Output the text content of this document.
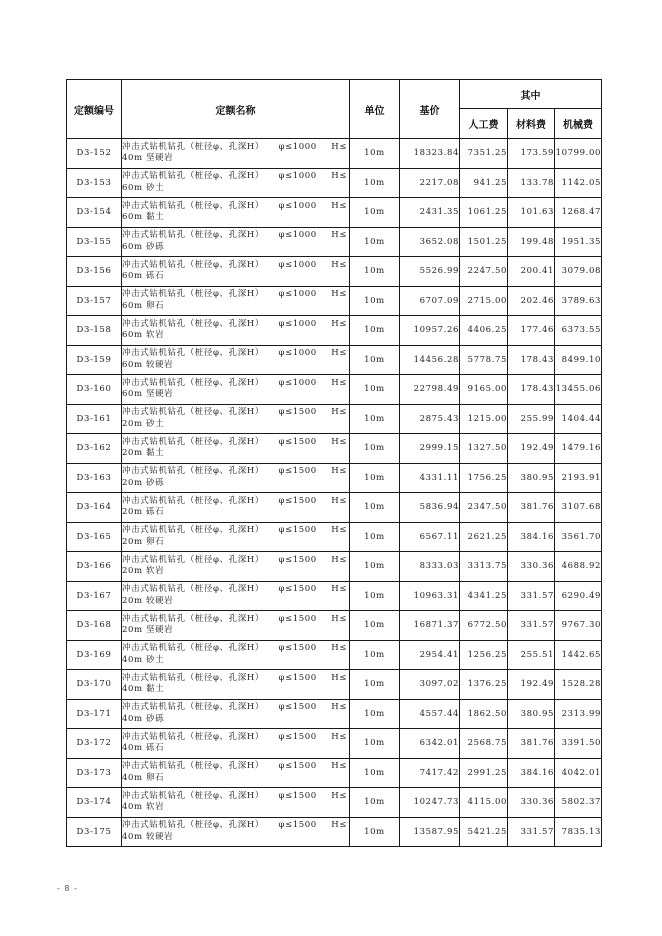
定额编号	定额名称	单位	基价	其中		
				人工费	材料费	机械费
D3-152	冲击式钻机钻孔（桩径φ、孔深H） φ≤1000 H≤
40m 坚硬岩	10m	18323.84	7351.25	173.59	10799.00
D3-153	冲击式钻机钻孔（桩径φ、孔深H） φ≤1000 H≤
60m 砂土	10m	2217.08	941.25	133.78	1142.05
D3-154	冲击式钻机钻孔（桩径φ、孔深H） φ≤1000 H≤
60m 黏土	10m	2431.35	1061.25	101.63	1268.47
D3-155	冲击式钻机钻孔（桩径φ、孔深H） φ≤1000 H≤
60m 砂砾	10m	3652.08	1501.25	199.48	1951.35
D3-156	冲击式钻机钻孔（桩径φ、孔深H） φ≤1000 H≤
60m 砾石	10m	5526.99	2247.50	200.41	3079.08
D3-157	冲击式钻机钻孔（桩径φ、孔深H） φ≤1000 H≤
60m 卵石	10m	6707.09	2715.00	202.46	3789.63
D3-158	冲击式钻机钻孔（桩径φ、孔深H） φ≤1000 H≤
60m 软岩	10m	10957.26	4406.25	177.46	6373.55
D3-159	冲击式钻机钻孔（桩径φ、孔深H） φ≤1000 H≤
60m 较硬岩	10m	14456.28	5778.75	178.43	8499.10
D3-160	冲击式钻机钻孔（桩径φ、孔深H） φ≤1000 H≤
60m 坚硬岩	10m	22798.49	9165.00	178.43	13455.06
D3-161	冲击式钻机钻孔（桩径φ、孔深H） φ≤1500 H≤
20m 砂土	10m	2875.43	1215.00	255.99	1404.44
D3-162	冲击式钻机钻孔（桩径φ、孔深H） φ≤1500 H≤
20m 黏土	10m	2999.15	1327.50	192.49	1479.16
D3-163	冲击式钻机钻孔（桩径φ、孔深H） φ≤1500 H≤
20m 砂砾	10m	4331.11	1756.25	380.95	2193.91
D3-164	冲击式钻机钻孔（桩径φ、孔深H） φ≤1500 H≤
20m 砾石	10m	5836.94	2347.50	381.76	3107.68
D3-165	冲击式钻机钻孔（桩径φ、孔深H） φ≤1500 H≤
20m 卵石	10m	6567.11	2621.25	384.16	3561.70
D3-166	冲击式钻机钻孔（桩径φ、孔深H） φ≤1500 H≤
20m 软岩	10m	8333.03	3313.75	330.36	4688.92
D3-167	冲击式钻机钻孔（桩径φ、孔深H） φ≤1500 H≤
20m 较硬岩	10m	10963.31	4341.25	331.57	6290.49
D3-168	冲击式钻机钻孔（桩径φ、孔深H） φ≤1500 H≤
20m 坚硬岩	10m	16871.37	6772.50	331.57	9767.30
D3-169	冲击式钻机钻孔（桩径φ、孔深H） φ≤1500 H≤
40m 砂土	10m	2954.41	1256.25	255.51	1442.65
D3-170	冲击式钻机钻孔（桩径φ、孔深H） φ≤1500 H≤
40m 黏土	10m	3097.02	1376.25	192.49	1528.28
D3-171	冲击式钻机钻孔（桩径φ、孔深H） φ≤1500 H≤
40m 砂砾	10m	4557.44	1862.50	380.95	2313.99
D3-172	冲击式钻机钻孔（桩径φ、孔深H） φ≤1500 H≤
40m 砾石	10m	6342.01	2568.75	381.76	3391.50
D3-173	冲击式钻机钻孔（桩径φ、孔深H） φ≤1500 H≤
40m 卵石	10m	7417.42	2991.25	384.16	4042.01
D3-174	冲击式钻机钻孔（桩径φ、孔深H） φ≤1500 H≤
40m 软岩	10m	10247.73	4115.00	330.36	5802.37
D3-175	冲击式钻机钻孔（桩径φ、孔深H） φ≤1500 H≤
40m 较硬岩	10m	13587.95	5421.25	331.57	7835.13
- 8 -
